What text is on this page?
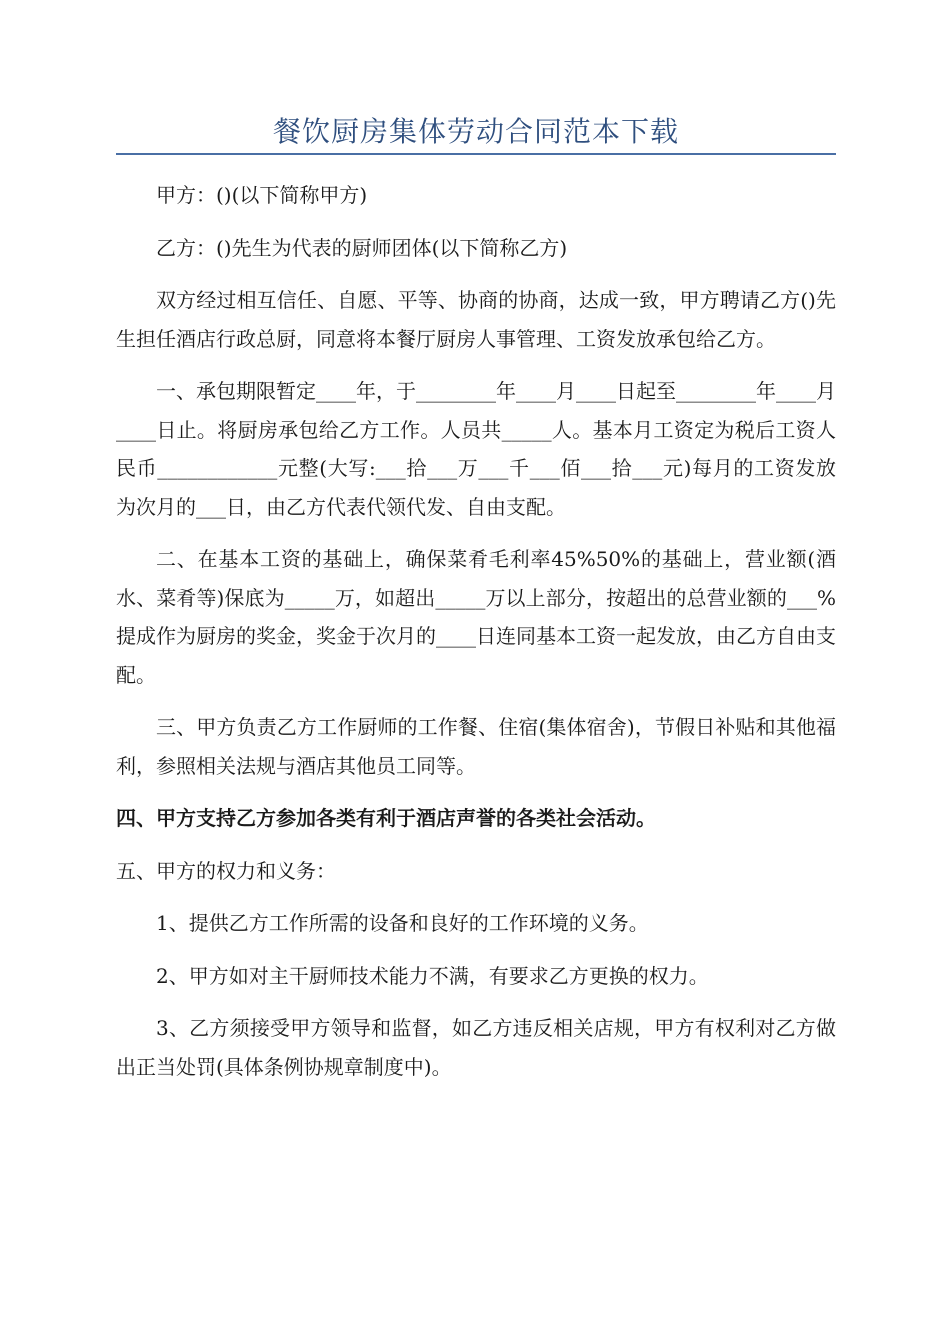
餐饮厨房集体劳动合同范本下载

甲方：()(以下简称甲方)

乙方：()先生为代表的厨师团体(以下简称乙方)

双方经过相互信任、自愿、平等、协商的协商，达成一致，甲方聘请乙方()先生担任酒店行政总厨，同意将本餐厅厨房人事管理、工资发放承包给乙方。

一、承包期限暂定____年，于________年____月____日起至________年____月____日止。将厨房承包给乙方工作。人员共_____人。基本月工资定为税后工资人民币____________元整(大写:___拾___万___千___佰___拾___元)每月的工资发放为次月的___日，由乙方代表代领代发、自由支配。

二、在基本工资的基础上，确保菜肴毛利率45%50%的基础上，营业额(酒水、菜肴等)保底为_____万，如超出_____万以上部分，按超出的总营业额的___%提成作为厨房的奖金，奖金于次月的____日连同基本工资一起发放，由乙方自由支配。

三、甲方负责乙方工作厨师的工作餐、住宿(集体宿舍)，节假日补贴和其他福利，参照相关法规与酒店其他员工同等。

四、甲方支持乙方参加各类有利于酒店声誉的各类社会活动。

五、甲方的权力和义务：

1、提供乙方工作所需的设备和良好的工作环境的义务。

2、甲方如对主干厨师技术能力不满，有要求乙方更换的权力。

3、乙方须接受甲方领导和监督，如乙方违反相关店规，甲方有权利对乙方做出正当处罚(具体条例协规章制度中)。
